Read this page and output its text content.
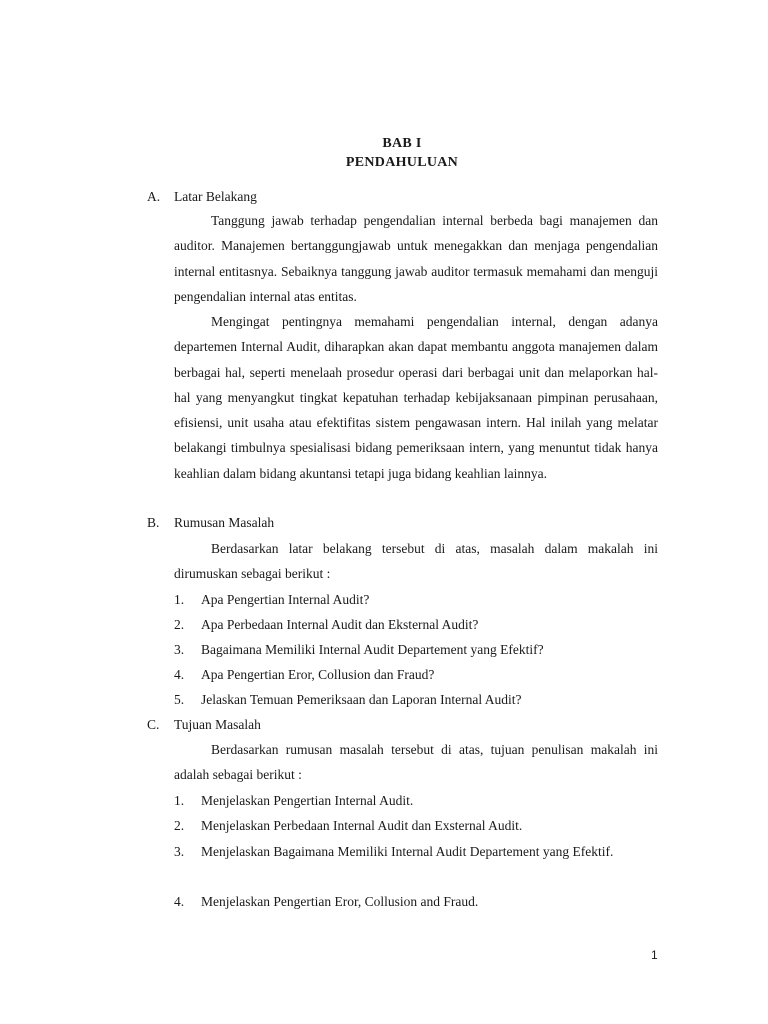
BAB I
PENDAHULUAN
A. Latar Belakang

Tanggung jawab terhadap pengendalian internal berbeda bagi manajemen dan auditor. Manajemen bertanggungjawab untuk menegakkan dan menjaga pengendalian internal entitasnya. Sebaiknya tanggung jawab auditor termasuk memahami dan menguji pengendalian internal atas entitas.

Mengingat pentingnya memahami pengendalian internal, dengan adanya departemen Internal Audit, diharapkan akan dapat membantu anggota manajemen dalam berbagai hal, seperti menelaah prosedur operasi dari berbagai unit dan melaporkan hal-hal yang menyangkut tingkat kepatuhan terhadap kebijaksanaan pimpinan perusahaan, efisiensi, unit usaha atau efektifitas sistem pengawasan intern. Hal inilah yang melatar belakangi timbulnya spesialisasi bidang pemeriksaan intern, yang menuntut tidak hanya keahlian dalam bidang akuntansi tetapi juga bidang keahlian lainnya.

B. Rumusan Masalah

Berdasarkan latar belakang tersebut di atas, masalah dalam makalah ini dirumuskan sebagai berikut :

1. Apa Pengertian Internal Audit?
2. Apa Perbedaan Internal Audit dan Eksternal Audit?
3. Bagaimana Memiliki Internal Audit Departement yang Efektif?
4. Apa Pengertian Eror, Collusion dan Fraud?
5. Jelaskan Temuan Pemeriksaan dan Laporan Internal Audit?
C. Tujuan Masalah

Berdasarkan rumusan masalah tersebut di atas, tujuan penulisan makalah ini adalah sebagai berikut :

1. Menjelaskan Pengertian Internal Audit.
2. Menjelaskan Perbedaan Internal Audit dan Exsternal Audit.
3. Menjelaskan Bagaimana Memiliki Internal Audit Departement yang Efektif.
4. Menjelaskan Pengertian Eror, Collusion and Fraud.
1
